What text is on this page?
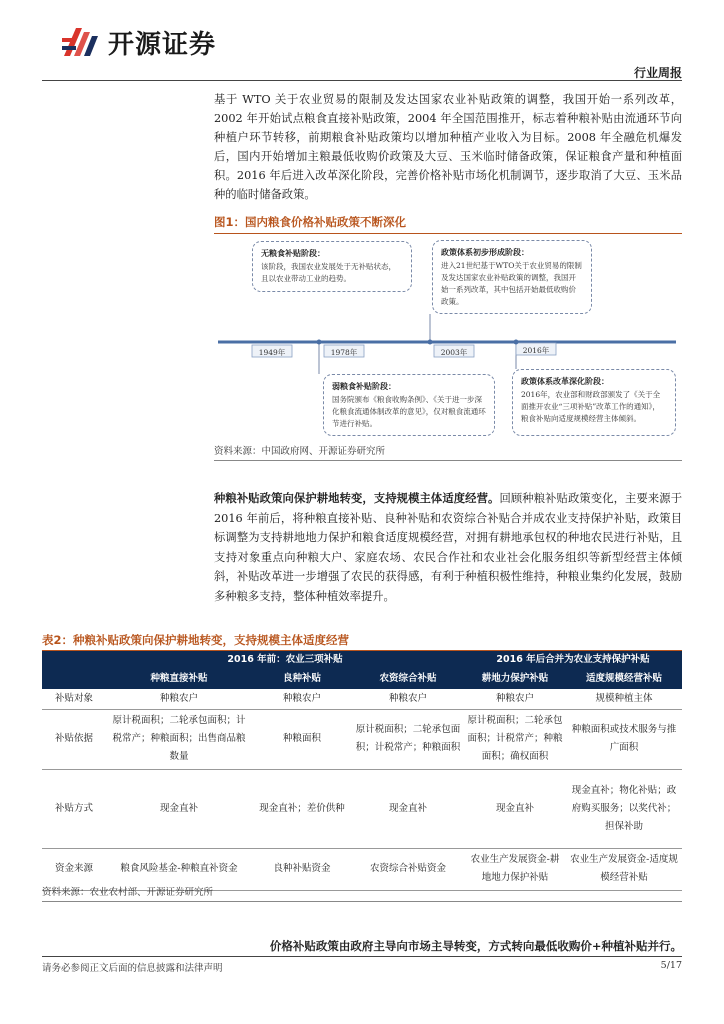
开源证券
行业周报

基于 WTO 关于农业贸易的限制及发达国家农业补贴政策的调整，我国开始一系列改革，2002 年开始试点粮食直接补贴政策，2004 年全国范围推开，标志着种粮补贴由流通环节向种植户环节转移，前期粮食补贴政策均以增加种植产业收入为目标。2008 年全融危机爆发后，国内开始增加主粮最低收购价政策及大豆、玉米临时储备政策，保证粮食产量和种植面积。2016 年后进入改革深化阶段，完善价格补贴市场化机制调节，逐步取消了大豆、玉米品种的临时储备政策。

图1：国内粮食价格补贴政策不断深化
1949年	1978年	2003年	2016年
无粮食补贴阶段：
该阶段，我国农业发展处于无补贴状态，且以农业带动工业的趋势。
政策体系初步形成阶段：
进入21世纪基于WTO关于农业贸易的限制及发达国家农业补贴政策的调整，我国开始一系列改革，其中包括开始最低收购价政策。
弱粮食补贴阶段：
国务院颁布《粮食收购条例》、《关于进一步深化粮食流通体制改革的意见》，仅对粮食流通环节进行补贴。
政策体系改革深化阶段：
2016年，农业部和财政部颁发了《关于全面推开农业“三项补贴”改革工作的通知》，粮食补贴向适度规模经营主体倾斜。
资料来源：中国政府网、开源证券研究所

种粮补贴政策向保护耕地转变，支持规模主体适度经营。回顾种粮补贴政策变化，主要来源于 2016 年前后，将种粮直接补贴、良种补贴和农资综合补贴合并成农业支持保护补贴，政策目标调整为支持耕地地力保护和粮食适度规模经营，对拥有耕地承包权的种地农民进行补贴，且支持对象重点向种粮大户、家庭农场、农民合作社和农业社会化服务组织等新型经营主体倾斜，补贴改革进一步增强了农民的获得感，有利于种植积极性维持，种粮业集约化发展，鼓励多种粮多支持，整体种植效率提升。

表2：种粮补贴政策向保护耕地转变，支持规模主体适度经营
	2016 年前：农业三项补贴			2016 年后合并为农业支持保护补贴	
	种粮直接补贴	良种补贴	农资综合补贴	耕地力保护补贴	适度规模经营补贴
补贴对象	种粮农户	种粮农户	种粮农户	种粮农户	规模种植主体
补贴依据	原计税面积；二轮承包面积；计税常产；种粮面积；出售商品粮数量	种粮面积	原计税面积；二轮承包面积；计税常产；种粮面积	原计税面积；二轮承包面积；计税常产；种粮面积；确权面积	种粮面积或技术服务与推广面积
补贴方式	现金直补	现金直补；差价供种	现金直补	现金直补	现金直补；物化补贴；政府购买服务；以奖代补；担保补助
资金来源	粮食风险基金-种粮直补资金	良种补贴资金	农资综合补贴资金	农业生产发展资金-耕地地力保护补贴	农业生产发展资金-适度规模经营补贴
资料来源：农业农村部、开源证券研究所
价格补贴政策由政府主导向市场主导转变，方式转向最低收购价+种植补贴并行。
请务必参阅正文后面的信息披露和法律声明	5/17
